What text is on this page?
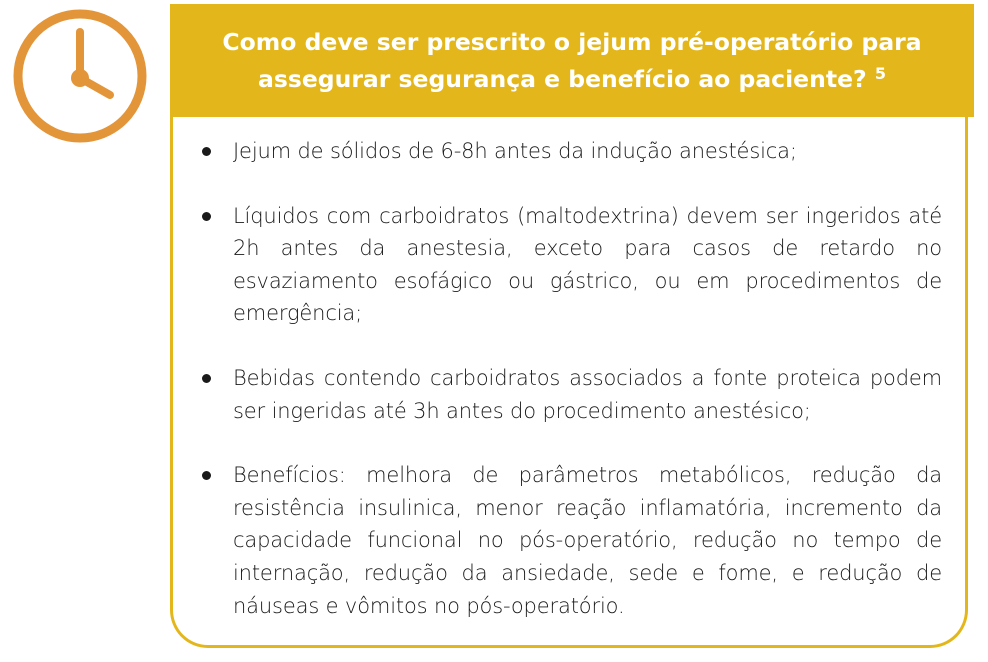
Como deve ser prescrito o jejum pré-operatório para assegurar segurança e benefício ao paciente? $^5$
Jejum de sólidos de 6-8h antes da indução anestésica;
Líquidos com carboidratos (maltodextrina) devem ser ingeridos até 2h antes da anestesia, exceto para casos de retardo no esvaziamento esofágico ou gástrico, ou em procedimentos de emergência;
Bebidas contendo carboidratos associados a fonte proteica podem ser ingeridas até 3h antes do procedimento anestésico;
Benefícios: melhora de parâmetros metabólicos, redução da resistência insulinica, menor reação inflamatória, incremento da capacidade funcional no pós-operatório, redução no tempo de internação, redução da ansiedade, sede e fome, e redução de náuseas e vômitos no pós-operatório.
